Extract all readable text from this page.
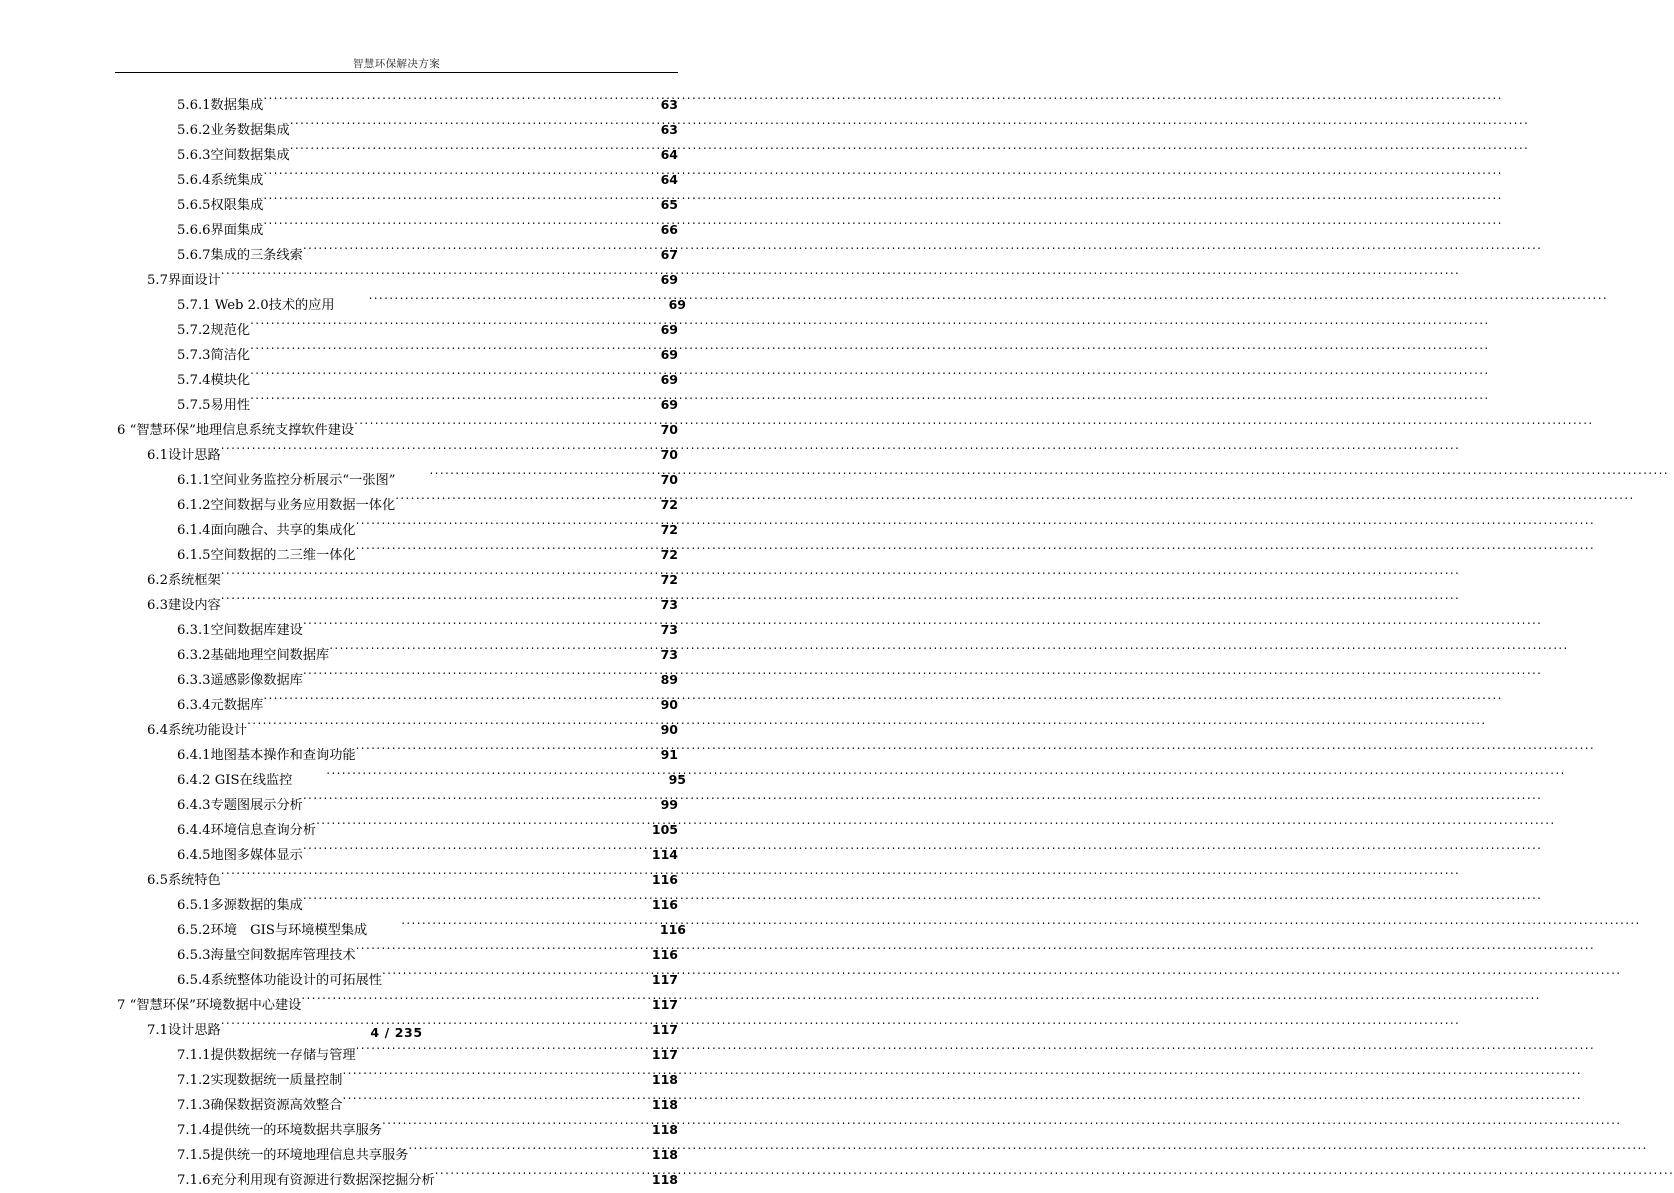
智慧环保解决方案
5.6.1数据集成 .....	63
5.6.2业务数据集成 .....	63
5.6.3空间数据集成 .....	64
5.6.4系统集成 .....	64
5.6.5权限集成 .....	65
5.6.6界面集成 .....	66
5.6.7集成的三条线索 .....	67
5.7界面设计 .....	69
5.7.1 Web 2.0技术的应用 .....	69
5.7.2规范化 .....	69
5.7.3简洁化 .....	69
5.7.4模块化 .....	69
5.7.5易用性 .....	69
6 “智慧环保”地理信息系统支撑软件建设 .....	70
6.1设计思路 .....	70
6.1.1空间业务监控分析展示“一张图” .....	70
6.1.2空间数据与业务应用数据一体化 .....	72
6.1.4面向融合、共享的集成化 .....	72
6.1.5空间数据的二三维一体化 .....	72
6.2系统框架 .....	72
6.3建设内容 .....	73
6.3.1空间数据库建设 .....	73
6.3.2基础地理空间数据库 .....	73
6.3.3遥感影像数据库 .....	89
6.3.4元数据库 .....	90
6.4系统功能设计 .....	90
6.4.1地图基本操作和查询功能 .....	91
6.4.2 GIS在线监控 .....	95
6.4.3专题图展示分析 .....	99
6.4.4环境信息查询分析 .....	105
6.4.5地图多媒体显示 .....	114
6.5系统特色 .....	116
6.5.1多源数据的集成 .....	116
6.5.2环境　GIS与环境模型集成 .....	116
6.5.3海量空间数据库管理技术 .....	116
6.5.4系统整体功能设计的可拓展性 .....	117
7 “智慧环保”环境数据中心建设 .....	117
7.1设计思路 .....	117
7.1.1提供数据统一存储与管理 .....	117
7.1.2实现数据统一质量控制 .....	118
7.1.3确保数据资源高效整合 .....	118
7.1.4提供统一的环境数据共享服务 .....	118
7.1.5提供统一的环境地理信息共享服务 .....	118
7.1.6充分利用现有资源进行数据深挖掘分析 .....	118
4 / 235
